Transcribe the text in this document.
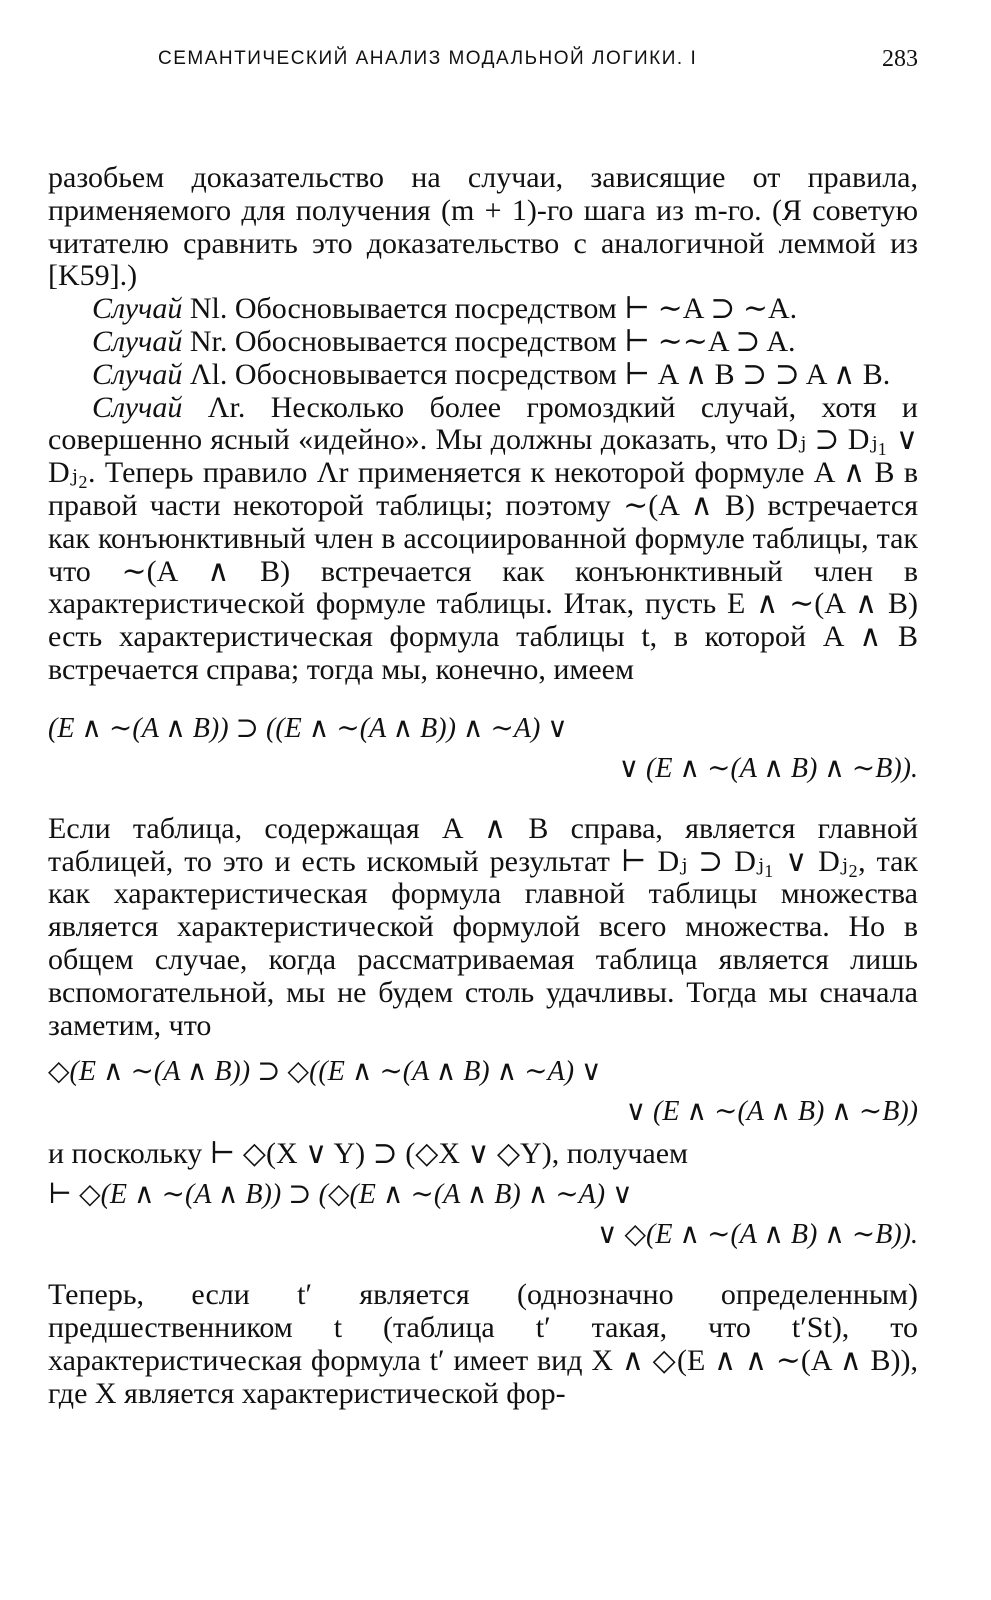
СЕМАНТИЧЕСКИЙ АНАЛИЗ МОДАЛЬНОЙ ЛОГИКИ. I	283

разобьем доказательство на случаи, зависящие от правила, применяемого для получения (m + 1)-го шага из m-го. (Я советую читателю сравнить это доказательство с аналогичной леммой из [K59].)

Случай Nl. Обосновывается посредством ⊢ ∼A ⊃ ∼A.

Случай Nr. Обосновывается посредством ⊢ ∼∼A ⊃ A.

Случай Λl. Обосновывается посредством ⊢ A ∧ B ⊃ ⊃ A ∧ B.

Случай Λr. Несколько более громоздкий случай, хотя и совершенно ясный «идейно». Мы должны доказать, что Dⱼ ⊃ Dⱼ₁ ∨ Dⱼ₂. Теперь правило Λr применяется к некоторой формуле A ∧ B в правой части некоторой таблицы; поэтому ∼(A ∧ B) встречается как конъюнктивный член в ассоциированной формуле таблицы, так что ∼(A ∧ B) встречается как конъюнктивный член в характеристической формуле таблицы. Итак, пусть E ∧ ∼(A ∧ B) есть характеристическая формула таблицы t, в которой A ∧ B встречается справа; тогда мы, конечно, имеем

(E ∧ ∼(A ∧ B)) ⊃ ((E ∧ ∼(A ∧ B)) ∧ ∼A) ∨
∨ (E ∧ ∼(A ∧ B) ∧ ∼B)).

Если таблица, содержащая A ∧ B справа, является главной таблицей, то это и есть искомый результат ⊢ Dⱼ ⊃ Dⱼ₁ ∨ Dⱼ₂, так как характеристическая формула главной таблицы множества является характеристической формулой всего множества. Но в общем случае, когда рассматриваемая таблица является лишь вспомогательной, мы не будем столь удачливы. Тогда мы сначала заметим, что

◇(E ∧ ∼(A ∧ B)) ⊃ ◇((E ∧ ∼(A ∧ B) ∧ ∼A) ∨
∨ (E ∧ ∼(A ∧ B) ∧ ∼B))

и поскольку ⊢ ◇(X ∨ Y) ⊃ (◇X ∨ ◇Y), получаем

⊢ ◇(E ∧ ∼(A ∧ B)) ⊃ (◇(E ∧ ∼(A ∧ B) ∧ ∼A) ∨
∨ ◇(E ∧ ∼(A ∧ B) ∧ ∼B)).

Теперь, если t′ является (однозначно определенным) предшественником t (таблица t′ такая, что t′St), то характеристическая формула t′ имеет вид X ∧ ◇(E ∧ ∧ ∼(A ∧ B)), где X является характеристической фор-
